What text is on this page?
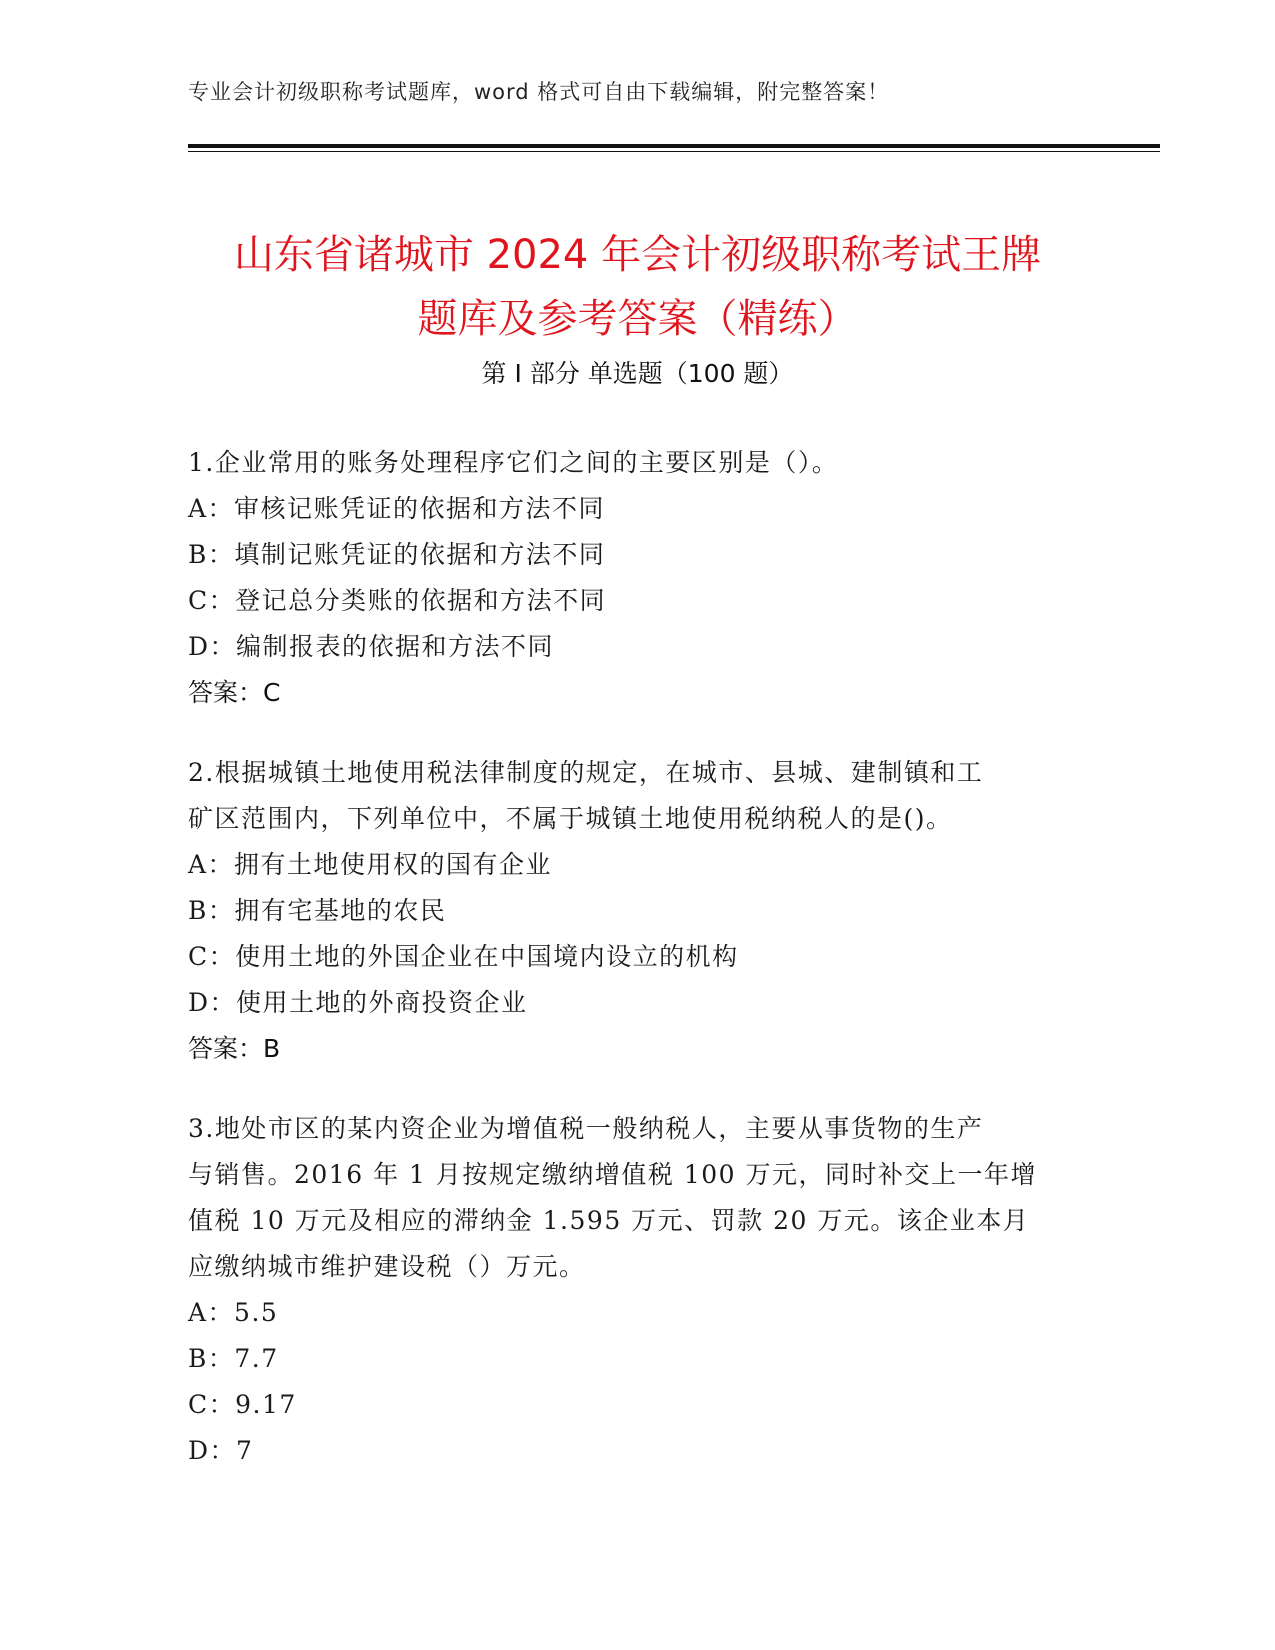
专业会计初级职称考试题库，word 格式可自由下载编辑，附完整答案！
山东省诸城市 2024 年会计初级职称考试王牌
题库及参考答案（精练）
第 I 部分 单选题（100 题）
1.企业常用的账务处理程序它们之间的主要区别是（）。
A：审核记账凭证的依据和方法不同
B：填制记账凭证的依据和方法不同
C：登记总分类账的依据和方法不同
D：编制报表的依据和方法不同
答案：C
2.根据城镇土地使用税法律制度的规定，在城市、县城、建制镇和工
矿区范围内，下列单位中，不属于城镇土地使用税纳税人的是()。
A：拥有土地使用权的国有企业
B：拥有宅基地的农民
C：使用土地的外国企业在中国境内设立的机构
D：使用土地的外商投资企业
答案：B
3.地处市区的某内资企业为增值税一般纳税人，主要从事货物的生产
与销售。2016 年 1 月按规定缴纳增值税 100 万元，同时补交上一年增
值税 10 万元及相应的滞纳金 1.595 万元、罚款 20 万元。该企业本月
应缴纳城市维护建设税（）万元。
A：5.5
B：7.7
C：9.17
D：7
